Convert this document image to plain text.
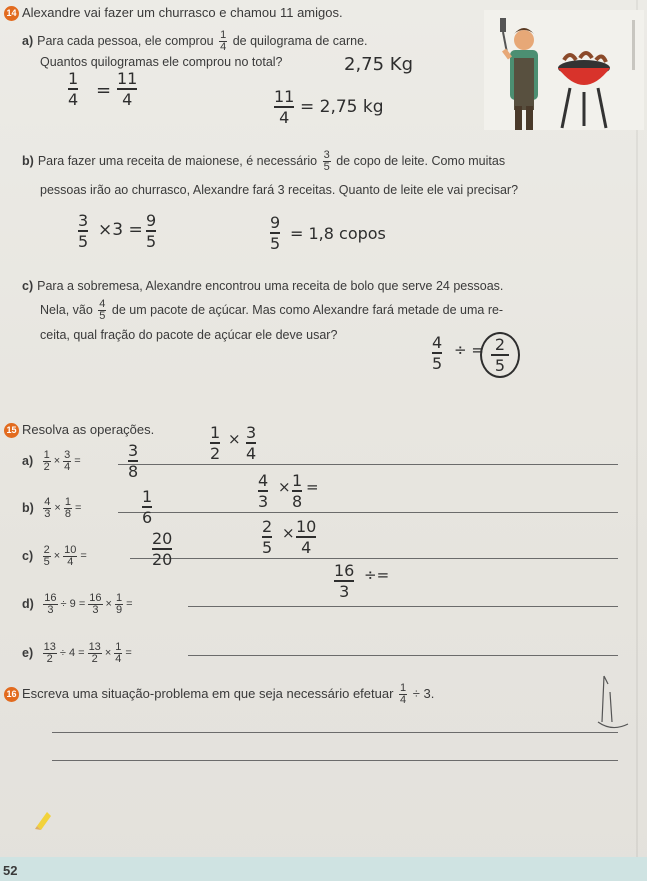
14 Alexandre vai fazer um churrasco e chamou 11 amigos.
a) Para cada pessoa, ele comprou $\frac{1}{4}$ de quilograma de carne.
Quantos quilogramas ele comprou no total?	2,75 Kg
1
4 =
11
4	11
4
= 2,75 kg
b) Para fazer uma receita de maionese, é necessário $\frac{3}{5}$ de copo de leite. Como muitas
pessoas irão ao churrasco, Alexandre fará 3 receitas. Quanto de leite ele vai precisar?
3
5
×3 = 9
5
9
5
= 1,8 copos
c) Para a sobremesa, Alexandre encontrou uma receita de bolo que serve 24 pessoas.
Nela, vão $\frac{4}{5}$ de um pacote de açúcar. Mas como Alexandre fará metade de uma re-
ceita, qual fração do pacote de açúcar ele deve usar?	4
5
÷ = 2
5
15 Resolva as operações.
$a) \frac{1}{2} \times \frac{3}{4}$ =
3
8
$b) \frac{4}{3} \times \frac{1}{8}$ =
1
6
$c) \frac{2}{5} \times \frac{10}{4}$ =
20
20
$d) \frac{16}{3} \div 9 = \frac{16}{3} \times \frac{1}{9}$ =
$e) \frac{13}{2} \div 4 = \frac{13}{2} \times \frac{1}{4}$ =
1
2
× 3
4
4
3
× 1
8
=
2
5
× 10
4
16
3
÷=
16 Escreva uma situação-problema em que seja necessário efetuar $\frac{1}{4} \div 3$.
52
